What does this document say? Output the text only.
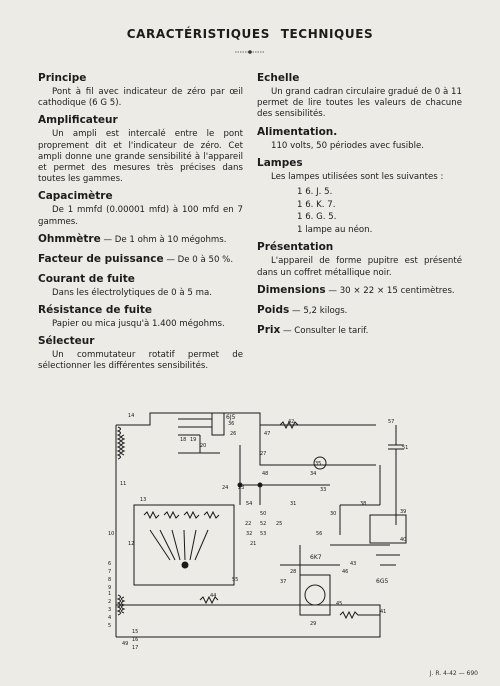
CARACTÉRISTIQUES TECHNIQUES
Principe

Pont à fil avec indicateur de zéro par œil cathodique (6 G 5).

Amplificateur

Un ampli est intercalé entre le pont proprement dit et l'indicateur de zéro. Cet ampli donne une grande sensibilité à l'appareil et permet des mesures très précises dans toutes les gammes.

Capacimètre

De 1 mmfd (0.00001 mfd) à 100 mfd en 7 gammes.

Ohmmètre — De 1 ohm à 10 mégohms.
Facteur de puissance — De 0 à 50 %.
Courant de fuite

Dans les électrolytiques de 0 à 5 ma.

Résistance de fuite

Papier ou mica jusqu'à 1.400 mégohms.

Sélecteur

Un commutateur rotatif permet de sélectionner les différentes sensibilités.

Echelle

Un grand cadran circulaire gradué de 0 à 11 permet de lire toutes les valeurs de chacune des sensibilités.

Alimentation.

110 volts, 50 périodes avec fusible.

Lampes

Les lampes utilisées sont les suivantes :

1 6. J. 5.
1 6. K. 7.
1 6. G. 5.
1 lampe au néon.
Présentation

L'appareil de forme pupitre est présenté dans un coffret métallique noir.

Dimensions — 30 × 22 × 15 centimètres.
Poids — 5,2 kilogs.
Prix — Consulter le tarif.
6J5
35
6K7
6G5
1
2
3
4
5
6
7
8
9
10
11
12
13
14
15
16
17
18 19
20
21
22
23
24
25
26
27
28
29
30
31
32
33
34
36
37
38
39
40
41
42
43
44
45
46
47
48
49
50
51
52
53
54
55
56
57
J. R. 4-42 — 690
